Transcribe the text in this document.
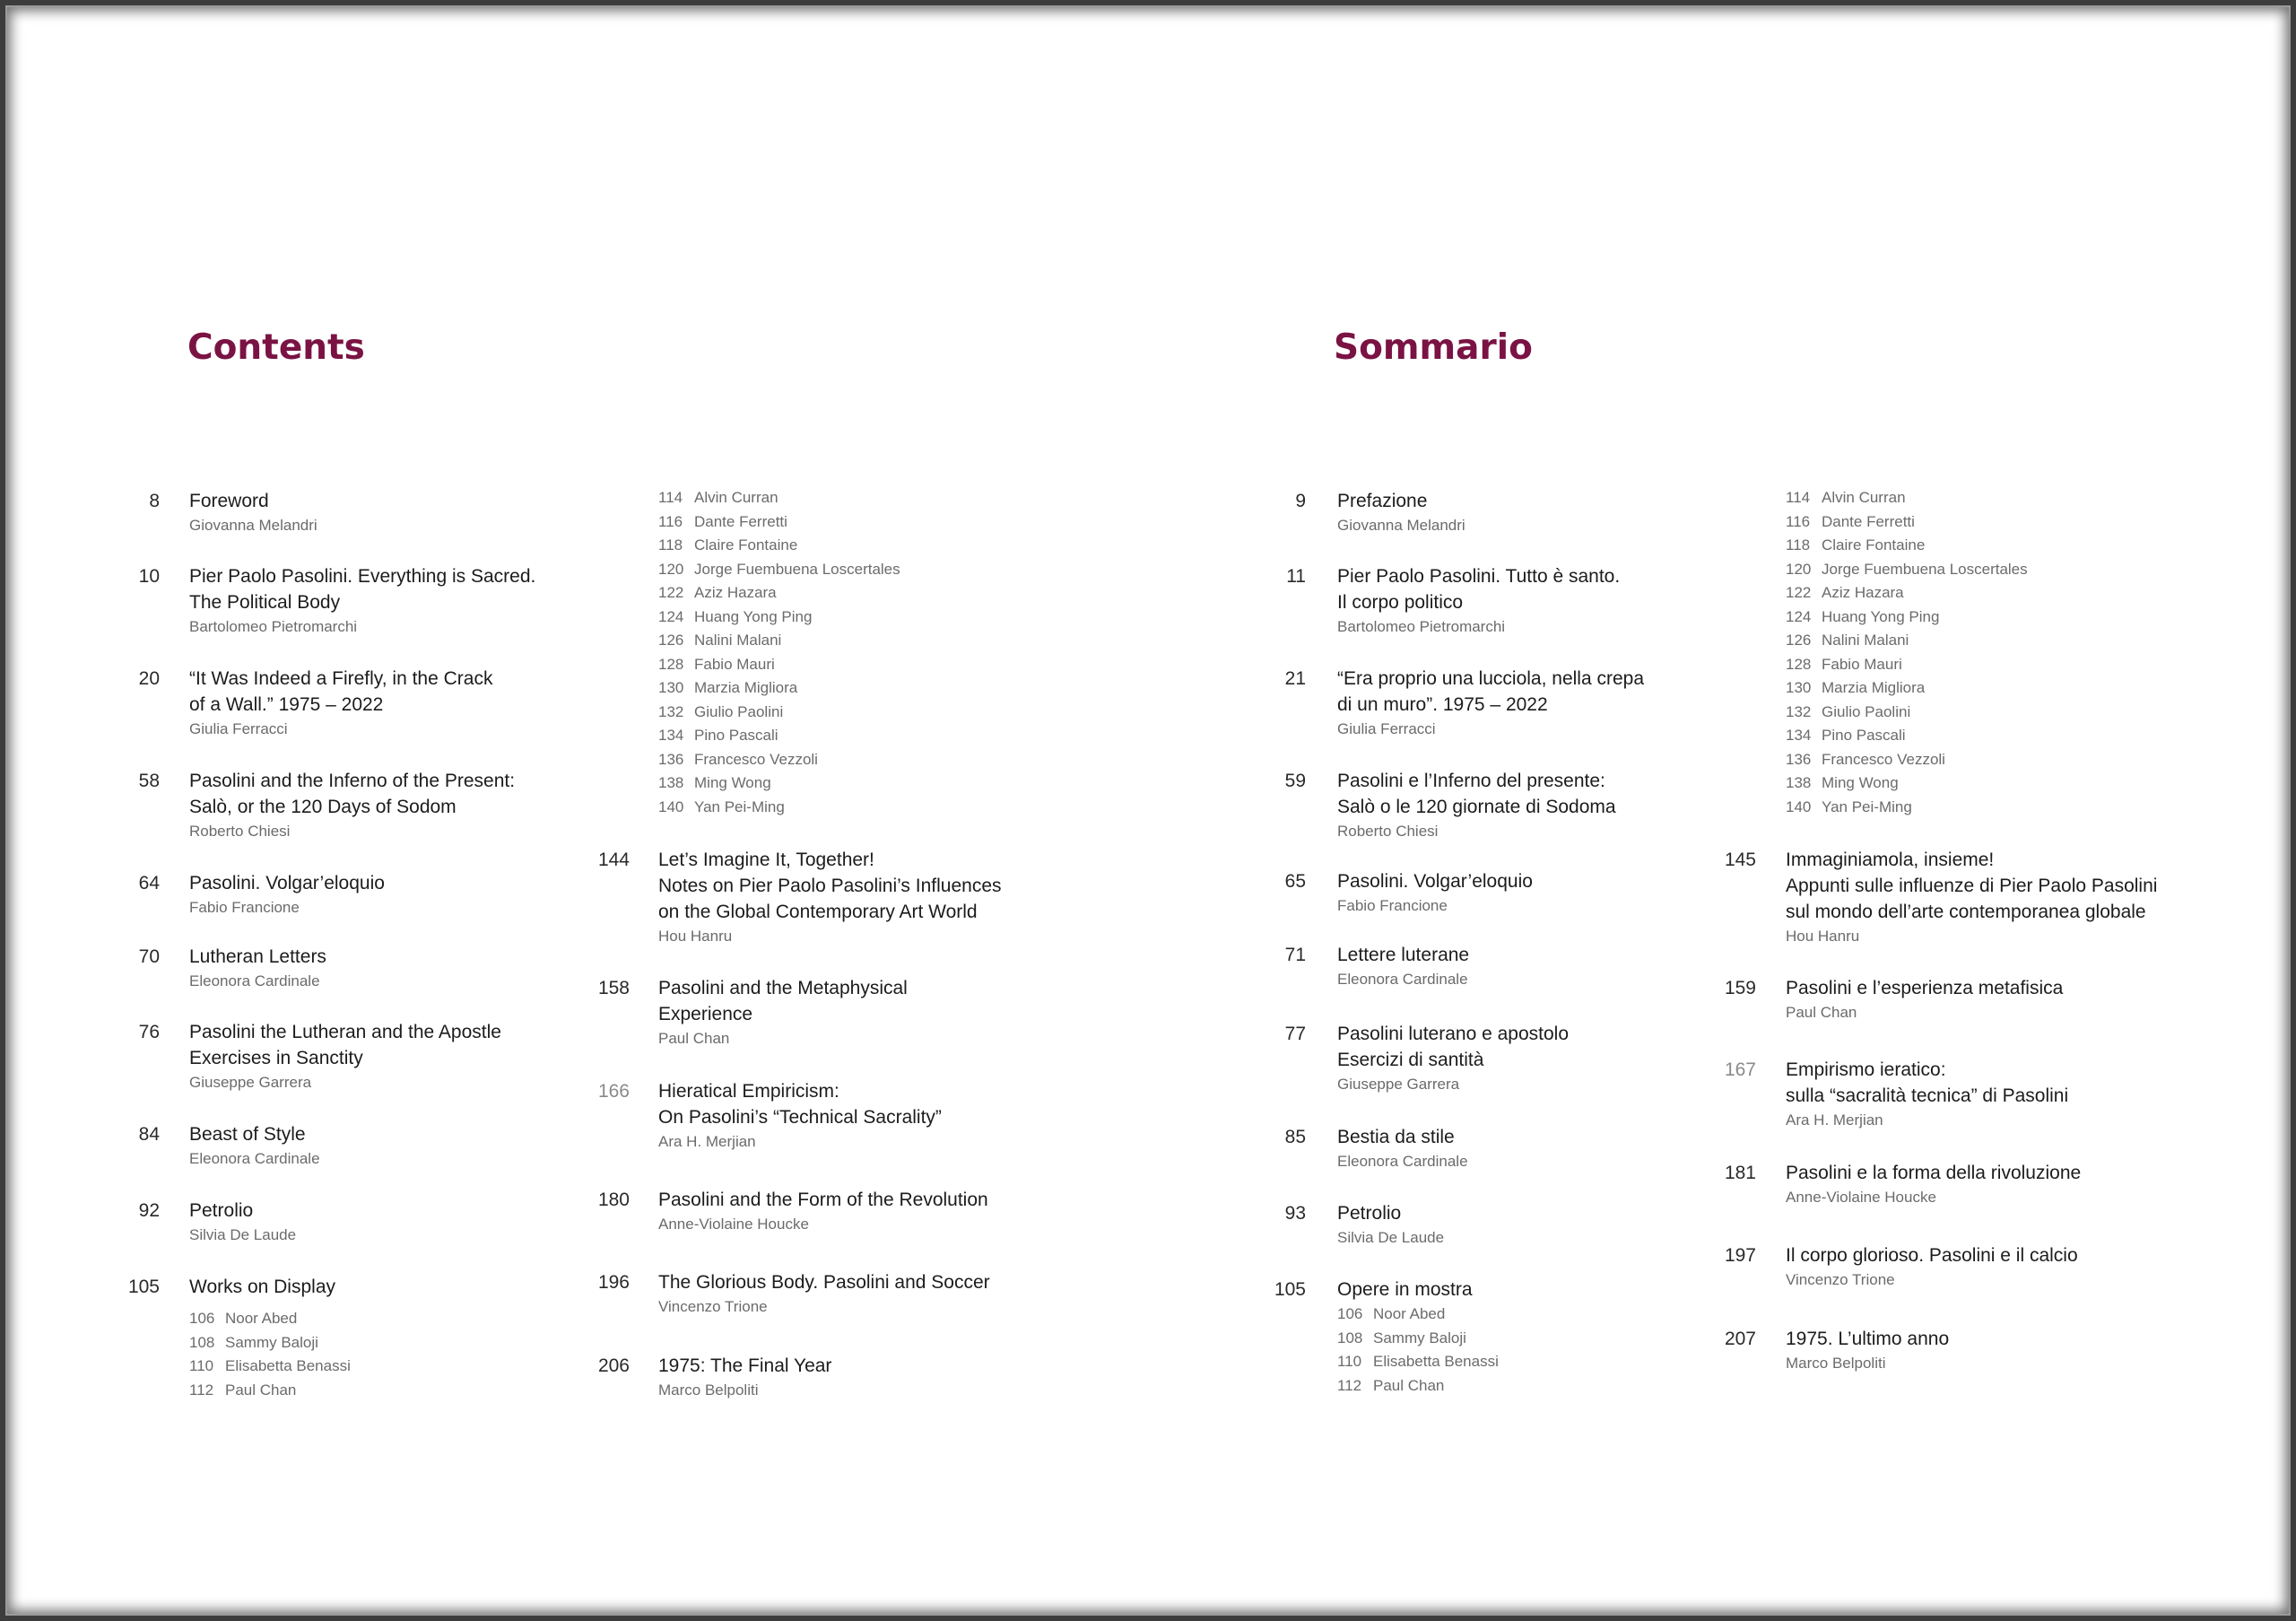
Contents	Sommario
8 Foreword
Giovanna Melandri
10 Pier Paolo Pasolini. Everything is Sacred.
The Political Body
Bartolomeo Pietromarchi
20 “It Was Indeed a Firefly, in the Crack
of a Wall.” 1975 – 2022
Giulia Ferracci
58 Pasolini and the Inferno of the Present:
Salò, or the 120 Days of Sodom
Roberto Chiesi
64 Pasolini. Volgar’eloquio
Fabio Francione
70 Lutheran Letters
Eleonora Cardinale
76 Pasolini the Lutheran and the Apostle
Exercises in Sanctity
Giuseppe Garrera
84 Beast of Style
Eleonora Cardinale
92 Petrolio
Silvia De Laude
105 Works on Display
106 Noor Abed
108 Sammy Baloji
110 Elisabetta Benassi
112 Paul Chan
144 Let’s Imagine It, Together!
Notes on Pier Paolo Pasolini’s Influences
on the Global Contemporary Art World
Hou Hanru
158 Pasolini and the Metaphysical
Experience
Paul Chan
166 Hieratical Empiricism:
On Pasolini’s “Technical Sacrality”
Ara H. Merjian
180 Pasolini and the Form of the Revolution
Anne-Violaine Houcke
196 The Glorious Body. Pasolini and Soccer
Vincenzo Trione
206 1975: The Final Year
Marco Belpoliti
114 Alvin Curran
116 Dante Ferretti
118 Claire Fontaine
120 Jorge Fuembuena Loscertales
122 Aziz Hazara
124 Huang Yong Ping
126 Nalini Malani
128 Fabio Mauri
130 Marzia Migliora
132 Giulio Paolini
134 Pino Pascali
136 Francesco Vezzoli
138 Ming Wong
140 Yan Pei-Ming
9 Prefazione
Giovanna Melandri
11 Pier Paolo Pasolini. Tutto è santo.
Il corpo politico
Bartolomeo Pietromarchi
21 “Era proprio una lucciola, nella crepa
di un muro”. 1975 – 2022
Giulia Ferracci
59 Pasolini e l’Inferno del presente:
Salò o le 120 giornate di Sodoma
Roberto Chiesi
65 Pasolini. Volgar’eloquio
Fabio Francione
71 Lettere luterane
Eleonora Cardinale
77 Pasolini luterano e apostolo
Esercizi di santità
Giuseppe Garrera
85 Bestia da stile
Eleonora Cardinale
93 Petrolio
Silvia De Laude
105 Opere in mostra
106 Noor Abed
108 Sammy Baloji
110 Elisabetta Benassi
112 Paul Chan
145 Immaginiamola, insieme!
Appunti sulle influenze di Pier Paolo Pasolini
sul mondo dell’arte contemporanea globale
Hou Hanru
159 Pasolini e l’esperienza metafisica
Paul Chan
167 Empirismo ieratico:
sulla “sacralità tecnica” di Pasolini
Ara H. Merjian
181 Pasolini e la forma della rivoluzione
Anne-Violaine Houcke
197 Il corpo glorioso. Pasolini e il calcio
Vincenzo Trione
207 1975. L’ultimo anno
Marco Belpoliti
114 Alvin Curran
116 Dante Ferretti
118 Claire Fontaine
120 Jorge Fuembuena Loscertales
122 Aziz Hazara
124 Huang Yong Ping
126 Nalini Malani
128 Fabio Mauri
130 Marzia Migliora
132 Giulio Paolini
134 Pino Pascali
136 Francesco Vezzoli
138 Ming Wong
140 Yan Pei-Ming
